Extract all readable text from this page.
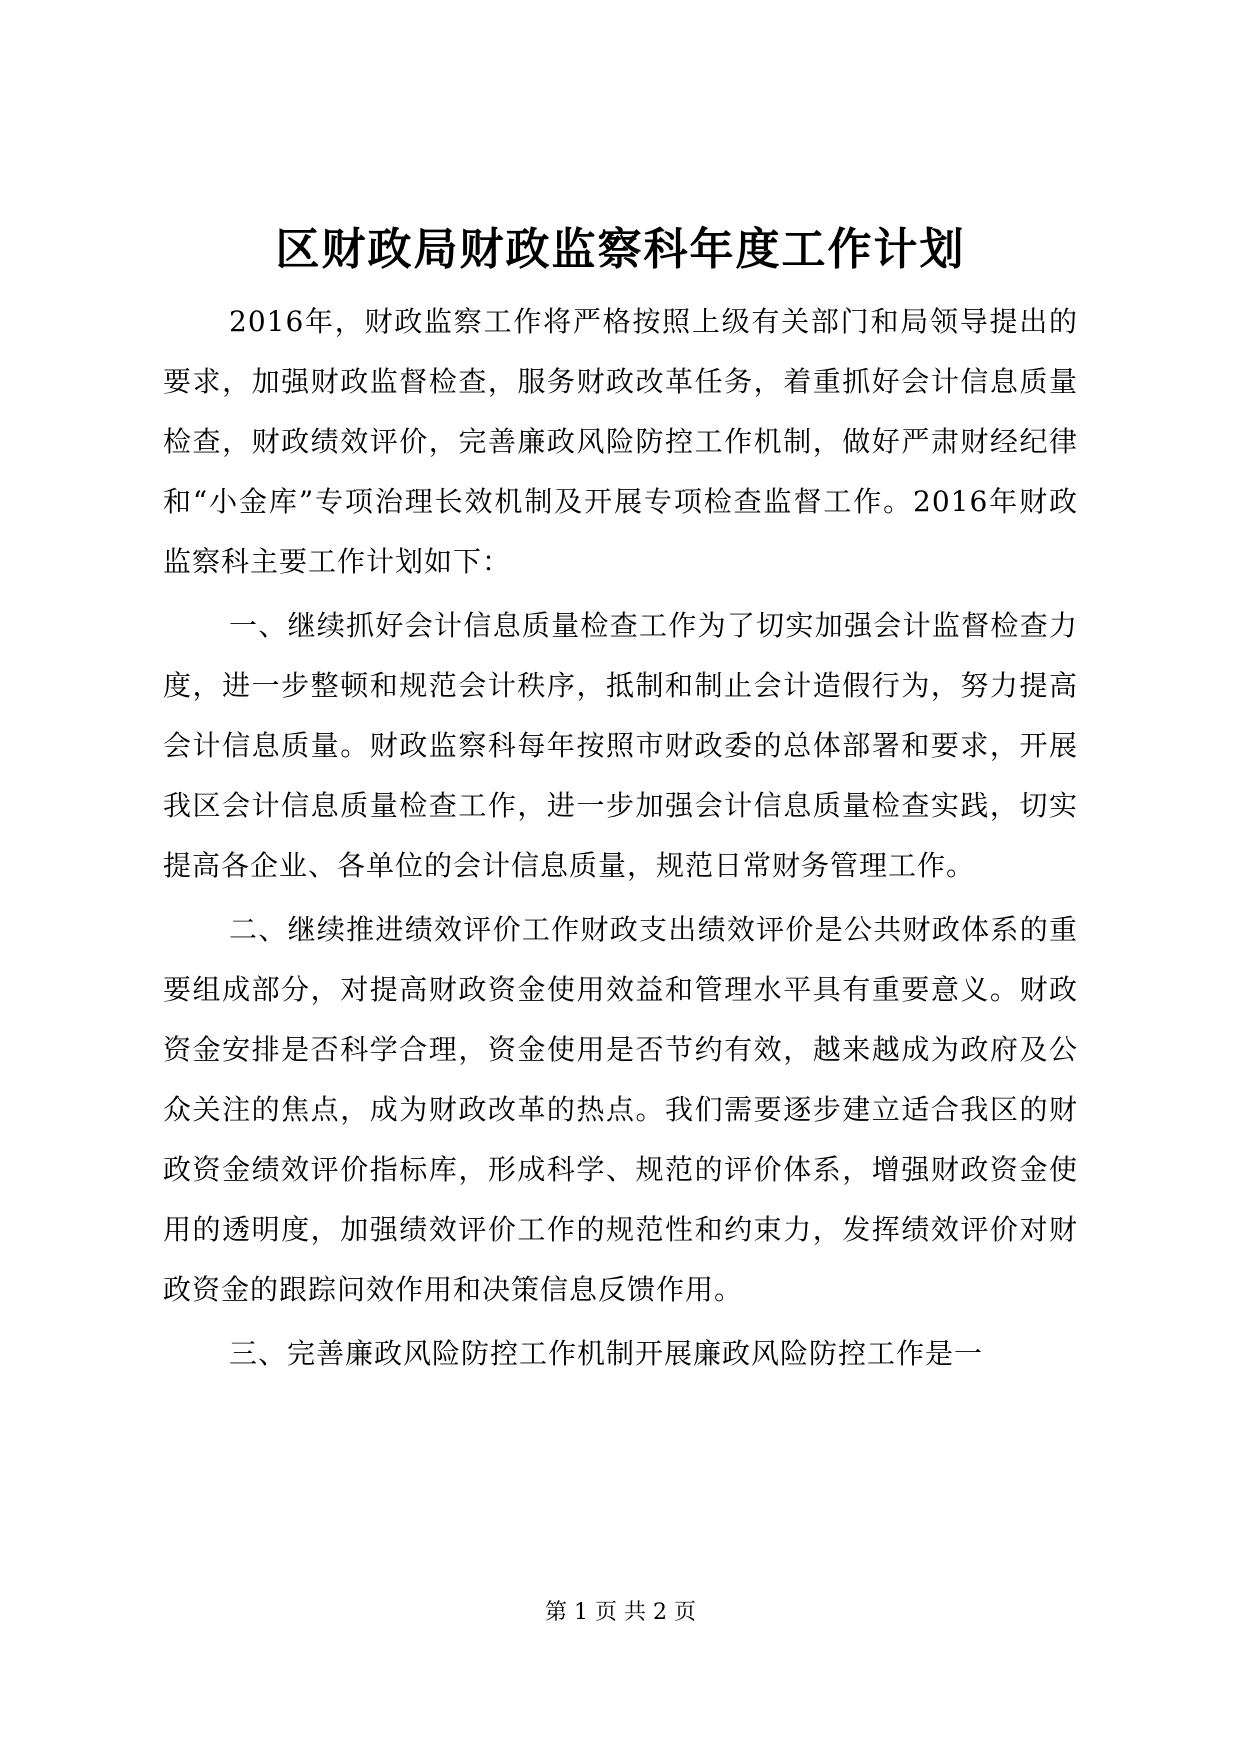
区财政局财政监察科年度工作计划

2016年，财政监察工作将严格按照上级有关部门和局领导提出的要求，加强财政监督检查，服务财政改革任务，着重抓好会计信息质量检查，财政绩效评价，完善廉政风险防控工作机制，做好严肃财经纪律和“小金库”专项治理长效机制及开展专项检查监督工作。2016年财政监察科主要工作计划如下：

一、继续抓好会计信息质量检查工作为了切实加强会计监督检查力度，进一步整顿和规范会计秩序，抵制和制止会计造假行为，努力提高会计信息质量。财政监察科每年按照市财政委的总体部署和要求，开展我区会计信息质量检查工作，进一步加强会计信息质量检查实践，切实提高各企业、各单位的会计信息质量，规范日常财务管理工作。

二、继续推进绩效评价工作财政支出绩效评价是公共财政体系的重要组成部分，对提高财政资金使用效益和管理水平具有重要意义。财政资金安排是否科学合理，资金使用是否节约有效，越来越成为政府及公众关注的焦点，成为财政改革的热点。我们需要逐步建立适合我区的财政资金绩效评价指标库，形成科学、规范的评价体系，增强财政资金使用的透明度，加强绩效评价工作的规范性和约束力，发挥绩效评价对财政资金的跟踪问效作用和决策信息反馈作用。

三、完善廉政风险防控工作机制开展廉政风险防控工作是一

第 1 页 共 2 页
